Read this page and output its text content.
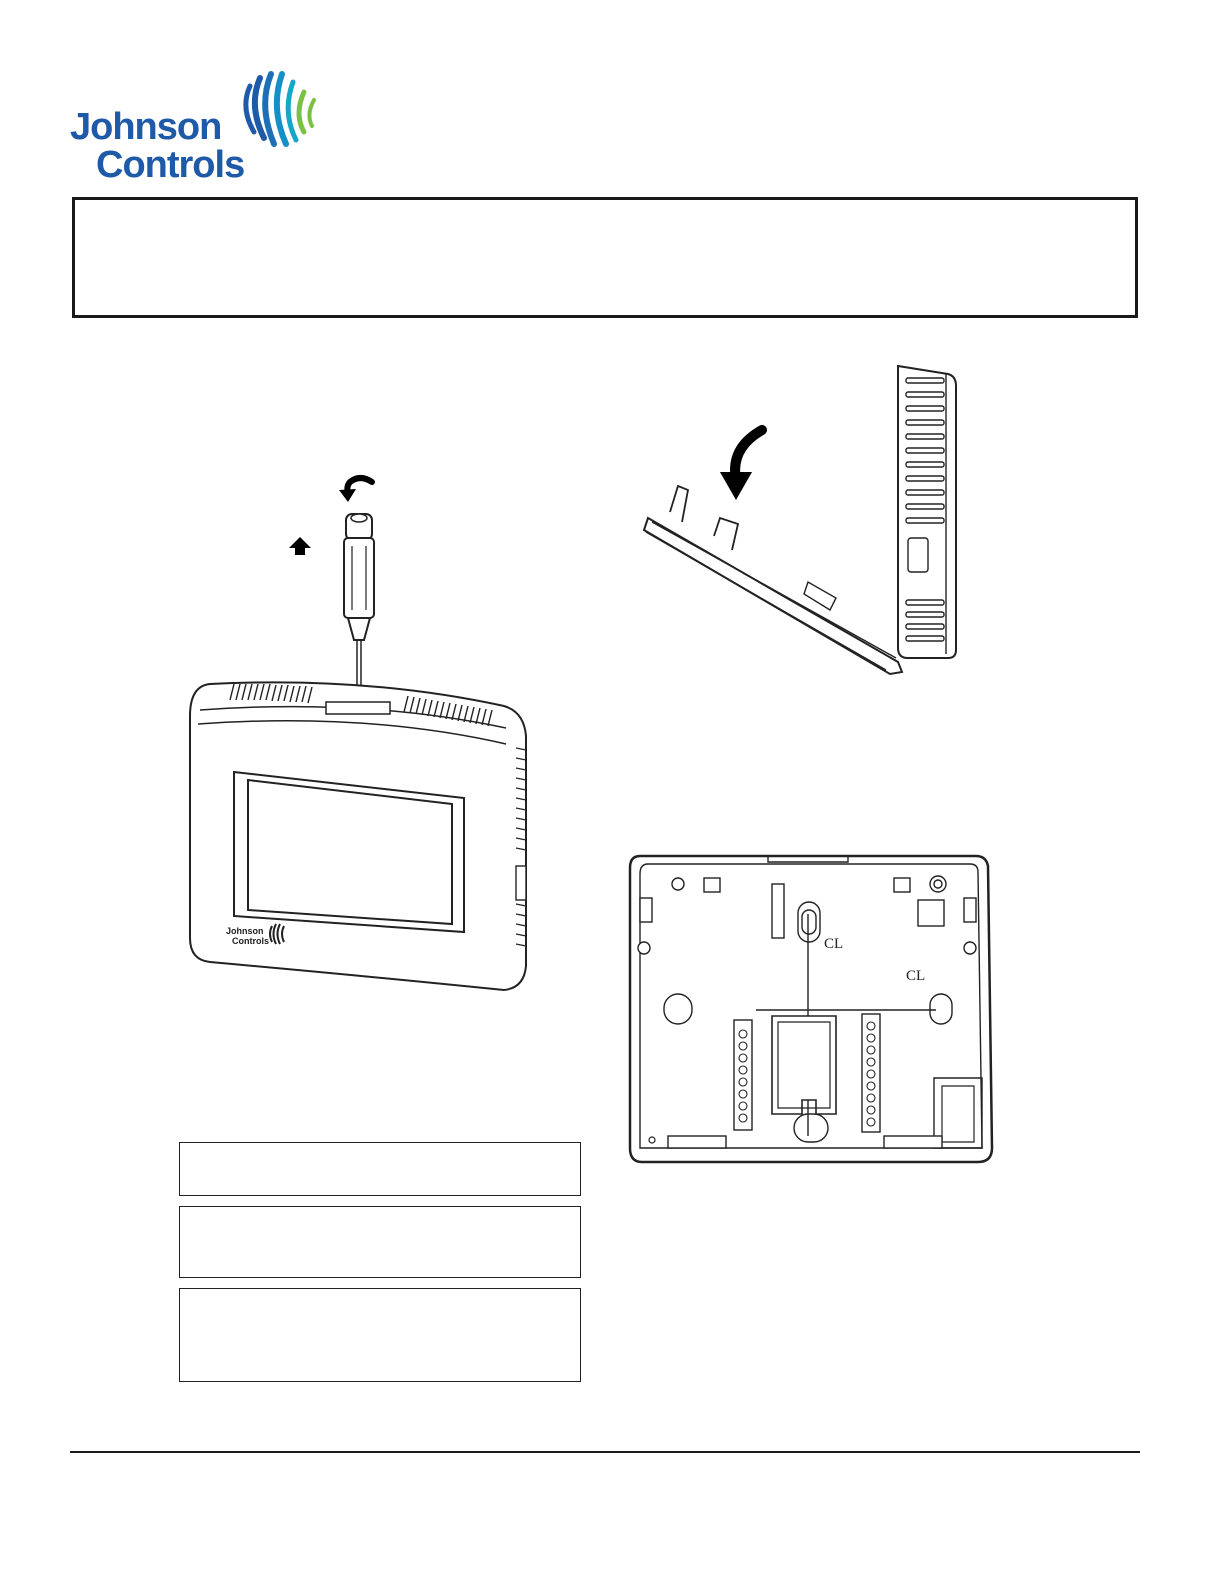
Johnson
Controls
Johnson
Controls	CL
CL
